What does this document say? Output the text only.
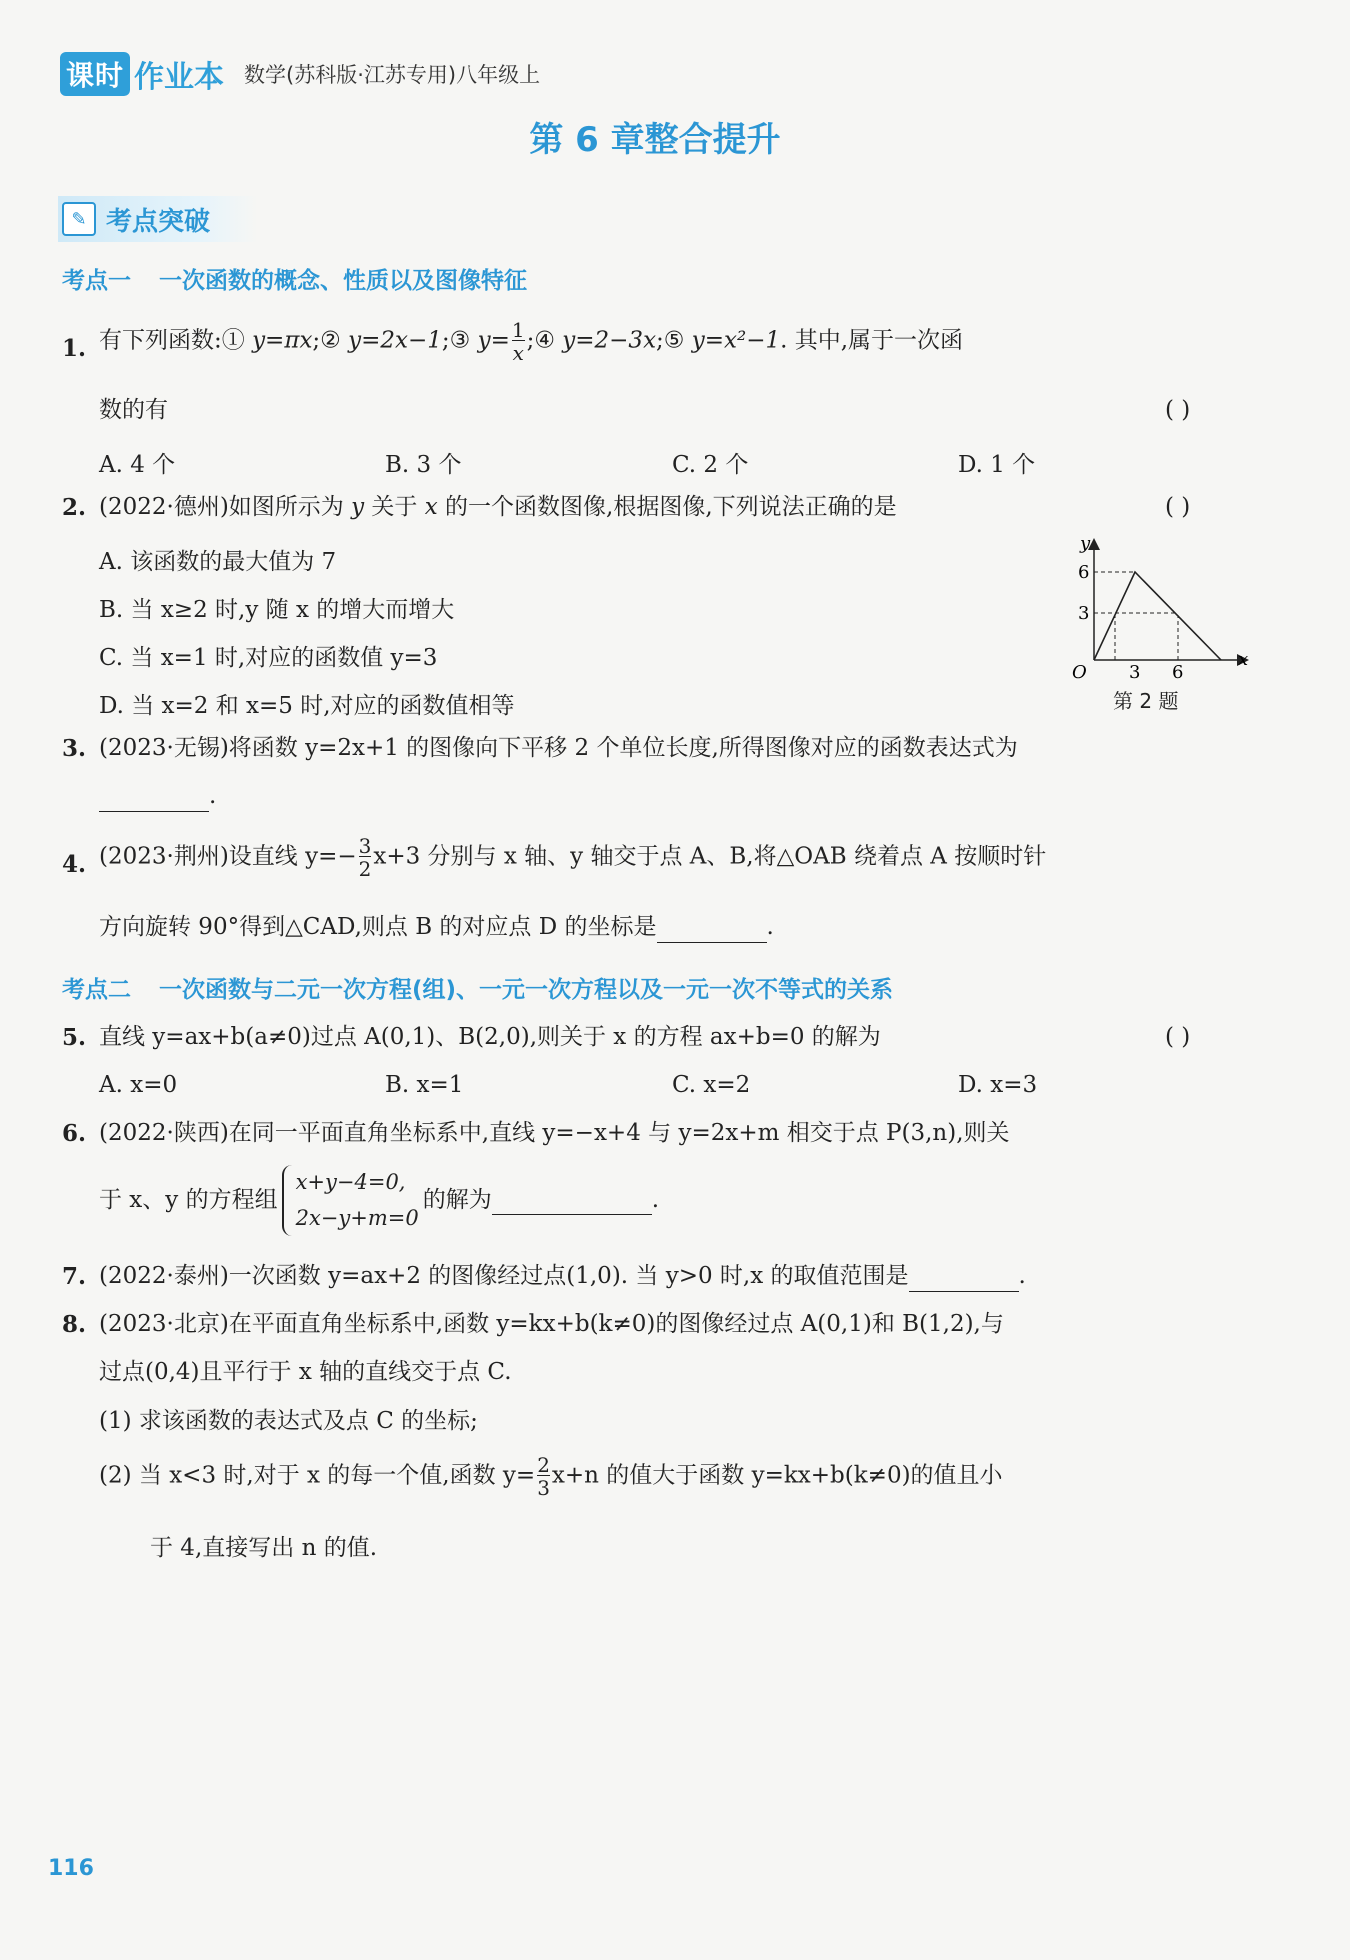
课时 作业本 数学(苏科版·江苏专用)八年级上
第 6 章整合提升
✎ 考点突破
考点一 一次函数的概念、性质以及图像特征
1. 有下列函数:① y=πx;② y=2x−1;③ $y= \frac{1}{x}$ ;④ y=2−3x;⑤ y=x²−1. 其中,属于一次函
数的有	( )
A. 4 个	B. 3 个	C. 2 个	D. 1 个
2. (2022·德州)如图所示为 y 关于 x 的一个函数图像,根据图像,下列说法正确的是	( )
A. 该函数的最大值为 7
B. 当 x≥2 时,y 随 x 的增大而增大
C. 当 x=1 时,对应的函数值 y=3
D. 当 x=2 和 x=5 时,对应的函数值相等
y
x
O
6
3
3 6
第 2 题
3. (2023·无锡)将函数 y=2x+1 的图像向下平移 2 个单位长度,所得图像对应的函数表达式为
.
4. (2023·荆州)设直线 $y=- \frac{3}{2} x+3$ 分别与 x 轴、y 轴交于点 A、B,将△OAB 绕着点 A 按顺时针
方向旋转 90°得到△CAD,则点 B 的对应点 D 的坐标是	.
考点二 一次函数与二元一次方程(组)、一元一次方程以及一元一次不等式的关系
5. 直线 y=ax+b(a≠0)过点 A(0,1)、B(2,0),则关于 x 的方程 ax+b=0 的解为	( )
A. x=0	B. x=1	C. x=2	D. x=3
6. (2022·陕西)在同一平面直角坐标系中,直线 y=−x+4 与 y=2x+m 相交于点 P(3,n),则关
于 x、y 的方程组
x+y−4=0,
2x−y+m=0
的解为	.
7. (2022·泰州)一次函数 y=ax+2 的图像经过点(1,0). 当 y>0 时,x 的取值范围是	.
8. (2023·北京)在平面直角坐标系中,函数 y=kx+b(k≠0)的图像经过点 A(0,1)和 B(1,2),与
过点(0,4)且平行于 x 轴的直线交于点 C.
(1) 求该函数的表达式及点 C 的坐标;
(2) 当 x<3 时,对于 x 的每一个值,函数 $y= \frac{2}{3} x+n$ 的值大于函数 y=kx+b(k≠0)的值且小
于 4,直接写出 n 的值.
116
